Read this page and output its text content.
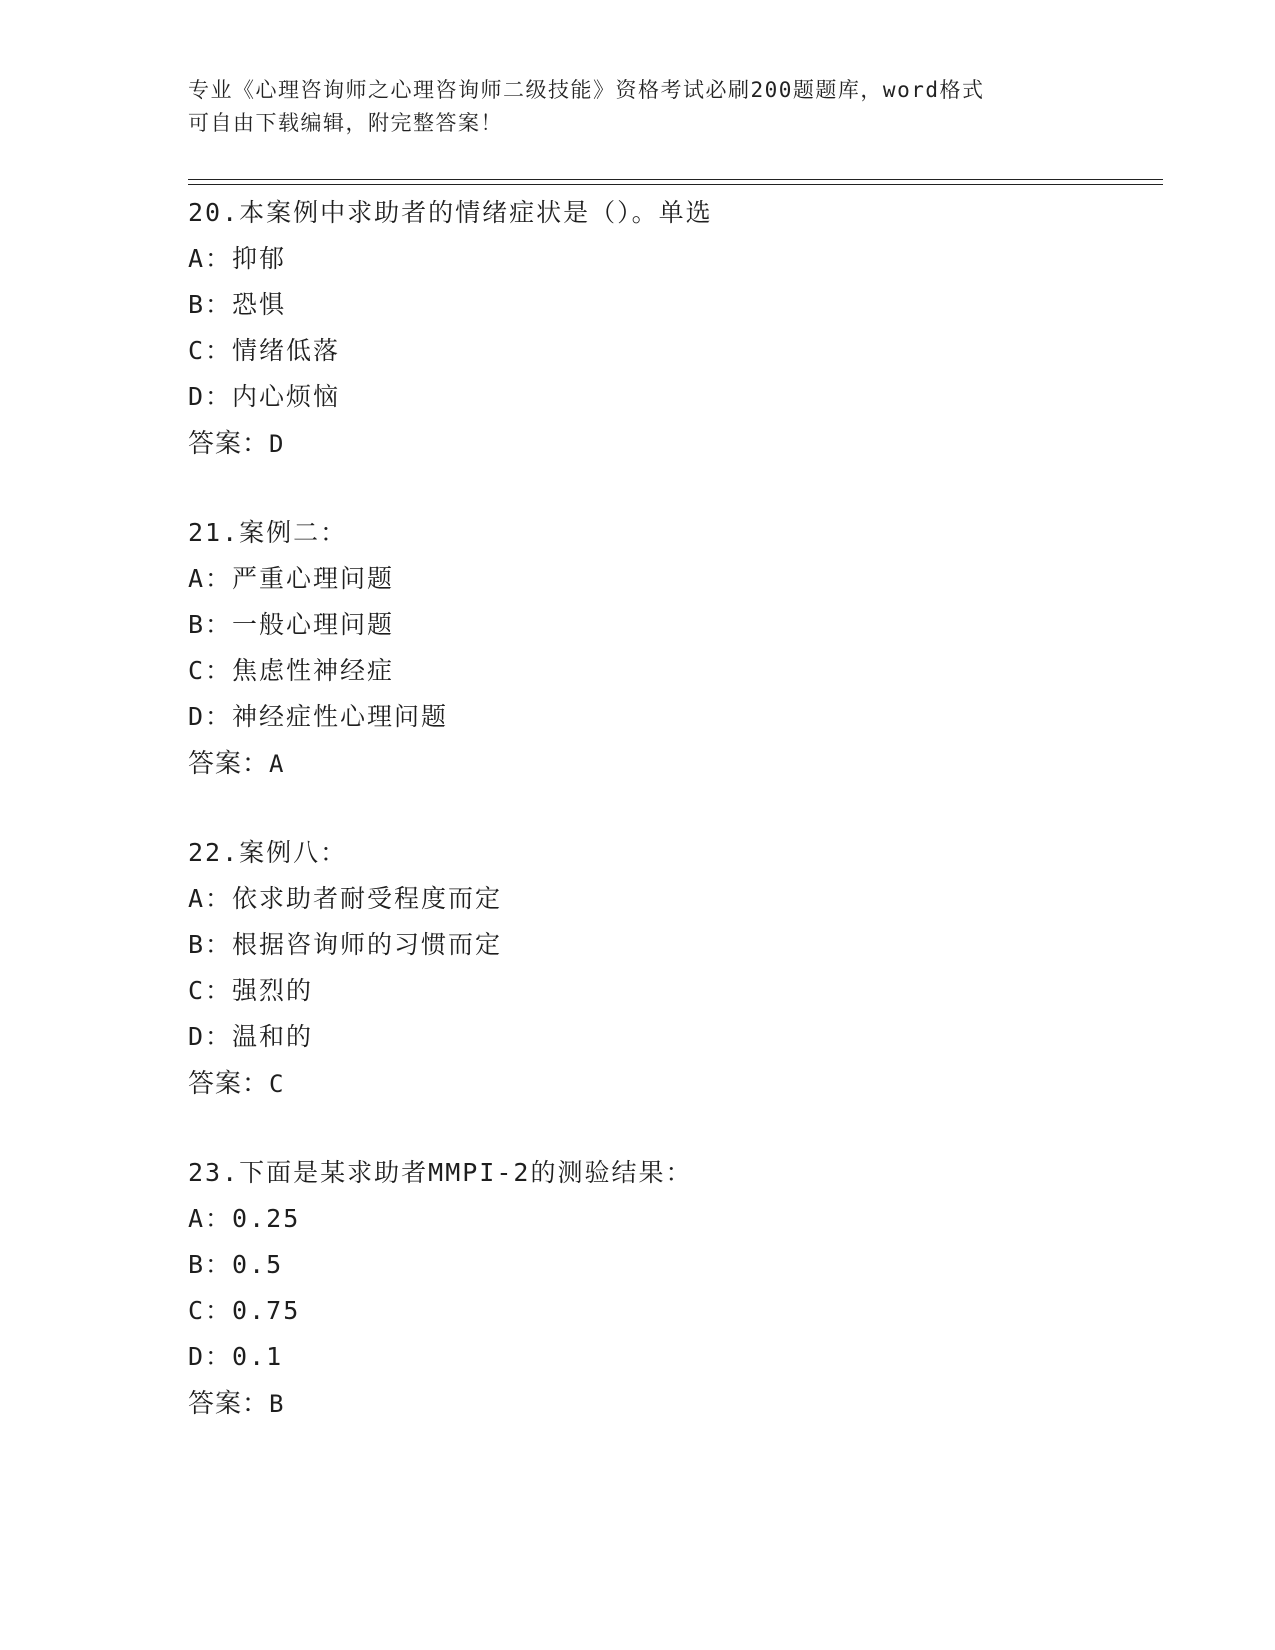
专业《心理咨询师之心理咨询师二级技能》资格考试必刷200题题库，word格式
可自由下载编辑，附完整答案！
20.本案例中求助者的情绪症状是（）。单选
A：抑郁
B：恐惧
C：情绪低落
D：内心烦恼
答案：D
21.案例二：
A：严重心理问题
B：一般心理问题
C：焦虑性神经症
D：神经症性心理问题
答案：A
22.案例八：
A：依求助者耐受程度而定
B：根据咨询师的习惯而定
C：强烈的
D：温和的
答案：C
23.下面是某求助者MMPI-2的测验结果：
A：0.25
B：0.5
C：0.75
D：0.1
答案：B
